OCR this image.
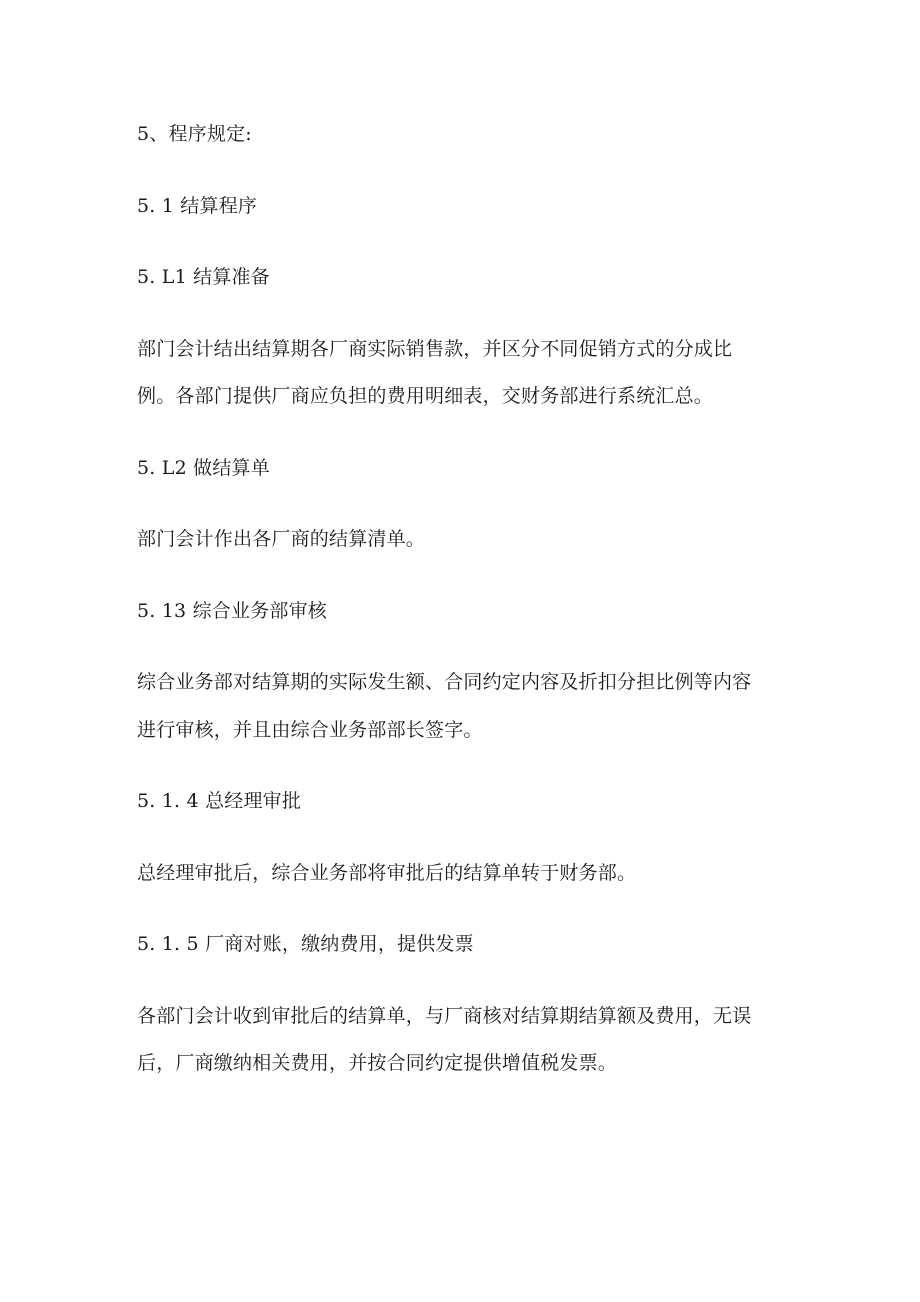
5、程序规定:
5. 1 结算程序
5. L1 结算准备
部门会计结出结算期各厂商实际销售款，并区分不同促销方式的分成比
例。各部门提供厂商应负担的费用明细表，交财务部进行系统汇总。
5. L2 做结算单
部门会计作出各厂商的结算清单。
5. 13 综合业务部审核
综合业务部对结算期的实际发生额、合同约定内容及折扣分担比例等内容
进行审核，并且由综合业务部部长签字。
5. 1. 4 总经理审批
总经理审批后，综合业务部将审批后的结算单转于财务部。
5. 1. 5 厂商对账，缴纳费用，提供发票
各部门会计收到审批后的结算单，与厂商核对结算期结算额及费用，无误
后，厂商缴纳相关费用，并按合同约定提供增值税发票。
